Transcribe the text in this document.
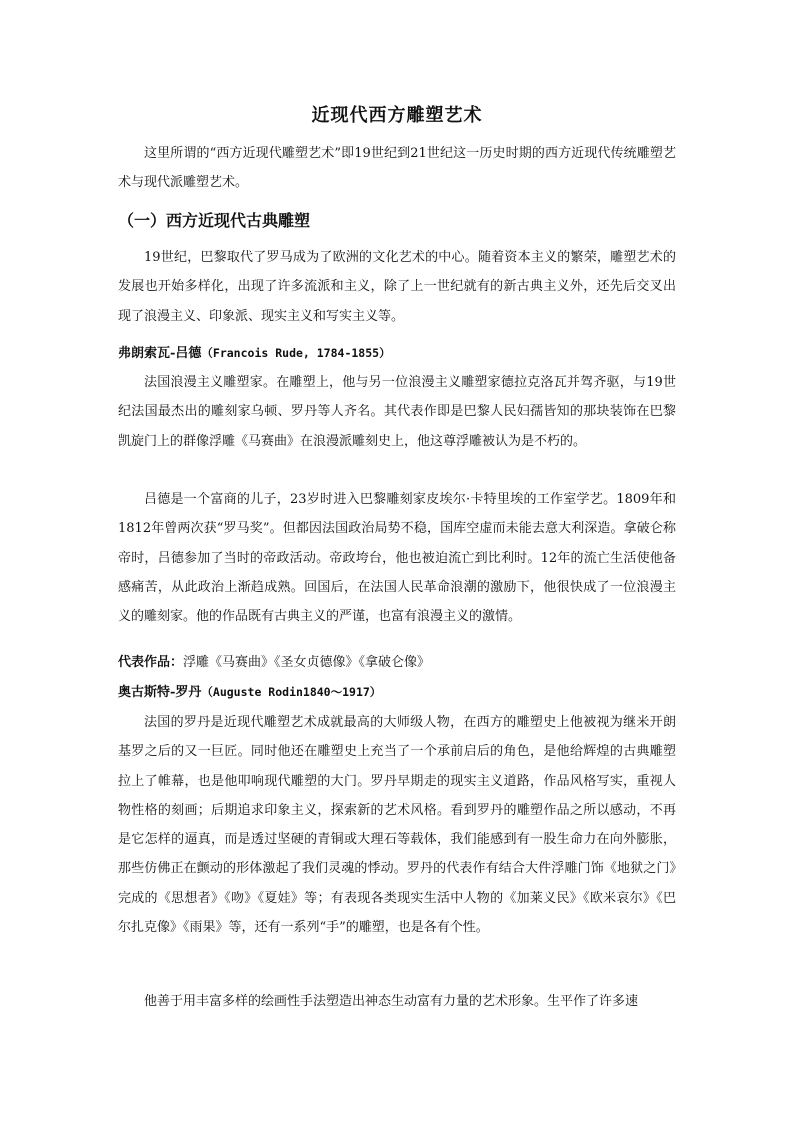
近现代西方雕塑艺术

这里所谓的“西方近现代雕塑艺术”即19世纪到21世纪这一历史时期的西方近现代传统雕塑艺术与现代派雕塑艺术。

（一）西方近现代古典雕塑

19世纪，巴黎取代了罗马成为了欧洲的文化艺术的中心。随着资本主义的繁荣，雕塑艺术的发展也开始多样化，出现了许多流派和主义，除了上一世纪就有的新古典主义外，还先后交叉出现了浪漫主义、印象派、现实主义和写实主义等。

弗朗索瓦-吕德（Francois Rude, 1784-1855）

法国浪漫主义雕塑家。在雕塑上，他与另一位浪漫主义雕塑家德拉克洛瓦并驾齐驱，与19世纪法国最杰出的雕刻家乌顿、罗丹等人齐名。其代表作即是巴黎人民妇孺皆知的那块装饰在巴黎凯旋门上的群像浮雕《马赛曲》在浪漫派雕刻史上，他这尊浮雕被认为是不朽的。

吕德是一个富商的儿子，23岁时进入巴黎雕刻家皮埃尔·卡特里埃的工作室学艺。1809年和1812年曾两次获“罗马奖”。但都因法国政治局势不稳，国库空虚而未能去意大利深造。拿破仑称帝时，吕德参加了当时的帝政活动。帝政垮台，他也被迫流亡到比利时。12年的流亡生活使他备感痛苦，从此政治上渐趋成熟。回国后，在法国人民革命浪潮的激励下，他很快成了一位浪漫主义的雕刻家。他的作品既有古典主义的严谨，也富有浪漫主义的激情。

代表作品：浮雕《马赛曲》《圣女贞德像》《拿破仑像》

奥古斯特-罗丹（Auguste Rodin1840～1917）

法国的罗丹是近现代雕塑艺术成就最高的大师级人物，在西方的雕塑史上他被视为继米开朗基罗之后的又一巨匠。同时他还在雕塑史上充当了一个承前启后的角色，是他给辉煌的古典雕塑拉上了帷幕，也是他叩响现代雕塑的大门。罗丹早期走的现实主义道路，作品风格写实，重视人物性格的刻画；后期追求印象主义，探索新的艺术风格。看到罗丹的雕塑作品之所以感动，不再是它怎样的逼真，而是透过坚硬的青铜或大理石等载体，我们能感到有一股生命力在向外膨胀，那些仿佛正在颤动的形体激起了我们灵魂的悸动。罗丹的代表作有结合大件浮雕门饰《地狱之门》完成的《思想者》《吻》《夏娃》等；有表现各类现实生活中人物的《加莱义民》《欧米哀尔》《巴尔扎克像》《雨果》等，还有一系列“手”的雕塑，也是各有个性。

他善于用丰富多样的绘画性手法塑造出神态生动富有力量的艺术形象。生平作了许多速
